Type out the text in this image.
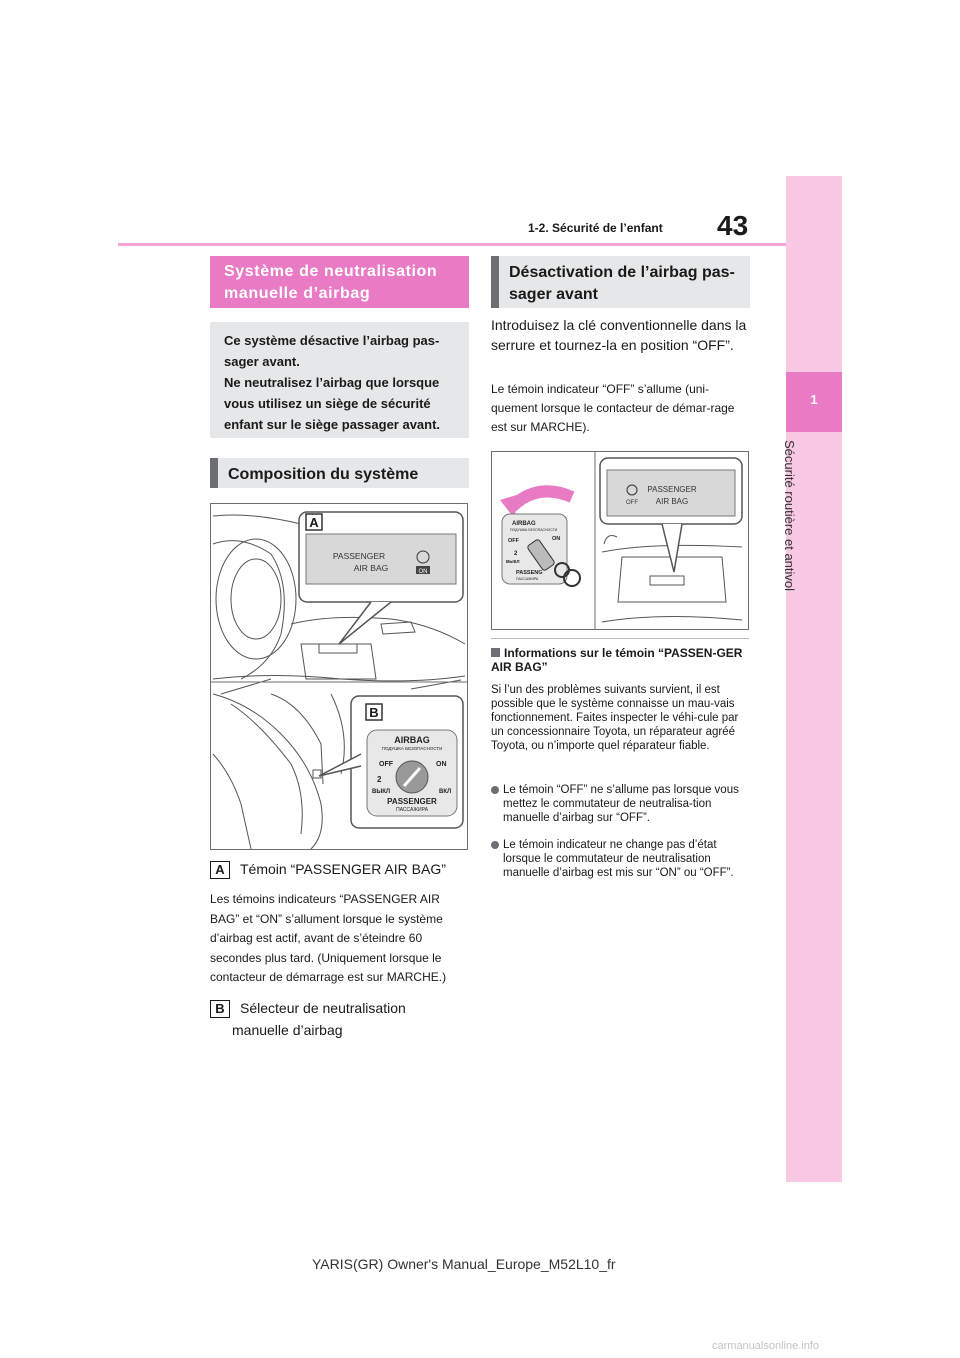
43
1-2. Sécurité de l’enfant
1
Sécurité routière et antivol
Système de neutralisation manuelle d’airbag

Ce système désactive l’airbag pas-

sager avant.

Ne neutralisez l’airbag que lorsque

vous utilisez un siège de sécurité

enfant sur le siège passager avant.

Composition du système
PASSENGER
AIR BAG	ON
A
B
AIRBAG
ПОДУШКА БЕЗОПАСНОСТИ
OFF	ON
2
ВЫКЛ	ВКЛ
PASSENGER
ПАССАЖИРА
A Témoin “PASSENGER AIR BAG”
Les témoins indicateurs “PASSENGER AIR BAG” et “ON” s’allument lorsque le système d’airbag est actif, avant de s’éteindre 60 secondes plus tard. (Uniquement lorsque le contacteur de démarrage est sur MARCHE.)
B Sélecteur de neutralisation
manuelle d’airbag
Désactivation de l’airbag pas-sager avant
Introduisez la clé conventionnelle dans la serrure et tournez-la en position “OFF”.
Le témoin indicateur “OFF” s’allume (uni-quement lorsque le contacteur de démar-rage est sur MARCHE).
AIRBAG
ПОДУШКА БЕЗОПАСНОСТИ
OFF	ON
2
ВЫКЛ
PASSENG
ПАССАЖИРА
PASSENGER
AIR BAG
OFF
Informations sur le témoin “PASSEN-GER AIR BAG”
Si l’un des problèmes suivants survient, il est possible que le système connaisse un mau-vais fonctionnement. Faites inspecter le véhi-cule par un concessionnaire Toyota, un réparateur agréé Toyota, ou n’importe quel réparateur fiable.
Le témoin “OFF” ne s’allume pas lorsque vous mettez le commutateur de neutralisa-tion manuelle d’airbag sur “OFF”.
Le témoin indicateur ne change pas d’état lorsque le commutateur de neutralisation manuelle d’airbag est mis sur “ON” ou “OFF”.
YARIS(GR) Owner's Manual_Europe_M52L10_fr
carmanualsonline.info
